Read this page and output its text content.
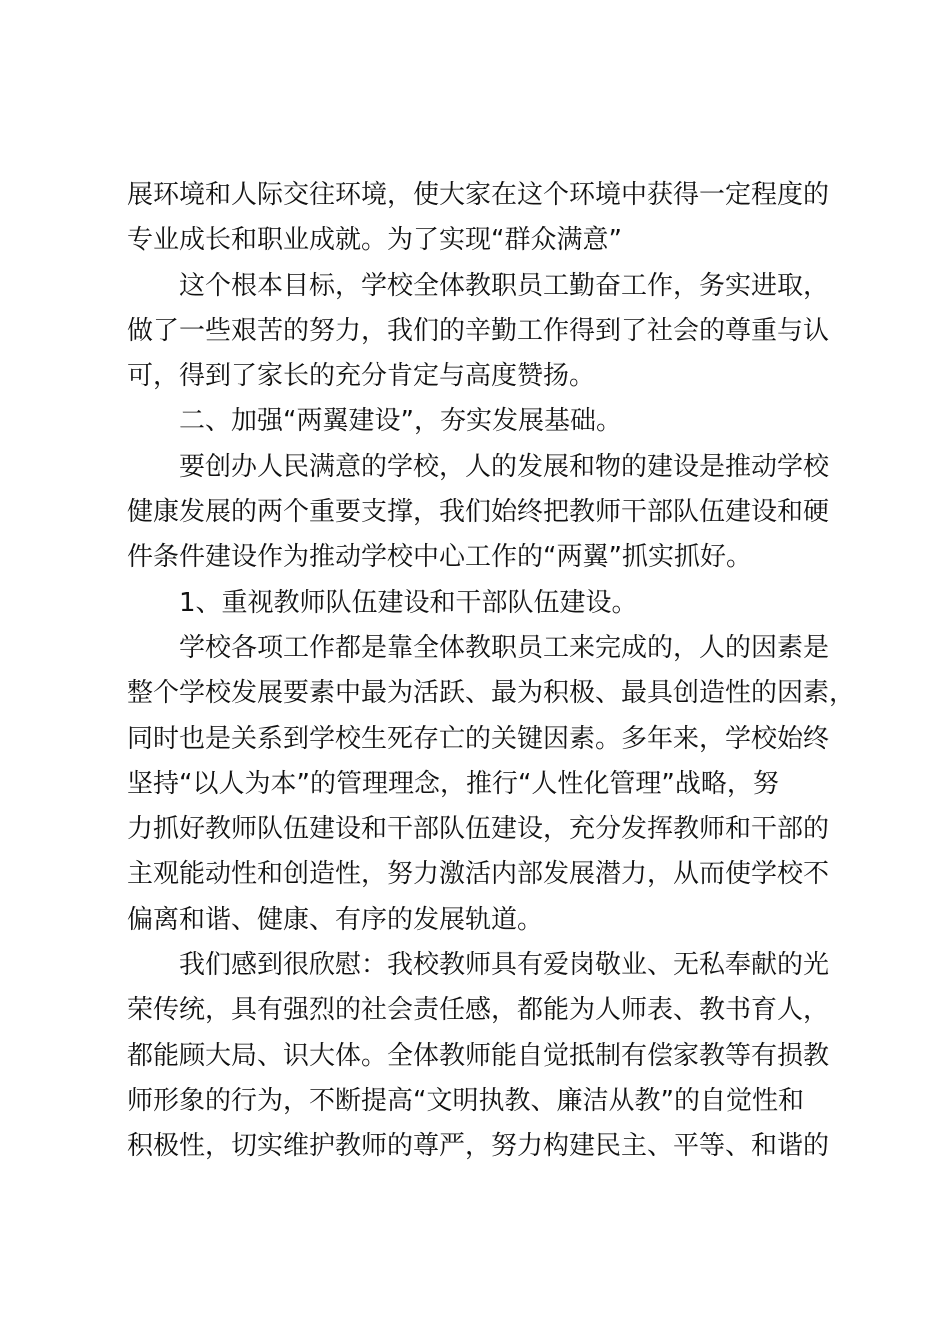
展环境和人际交往环境，使大家在这个环境中获得一定程度的
专业成长和职业成就。为了实现“群众满意”
这个根本目标，学校全体教职员工勤奋工作，务实进取，
做了一些艰苦的努力，我们的辛勤工作得到了社会的尊重与认
可，得到了家长的充分肯定与高度赞扬。
二、加强“两翼建设”，夯实发展基础。
要创办人民满意的学校，人的发展和物的建设是推动学校
健康发展的两个重要支撑，我们始终把教师干部队伍建设和硬
件条件建设作为推动学校中心工作的“两翼”抓实抓好。
1、重视教师队伍建设和干部队伍建设。
学校各项工作都是靠全体教职员工来完成的，人的因素是
整个学校发展要素中最为活跃、最为积极、最具创造性的因素，
同时也是关系到学校生死存亡的关键因素。多年来，学校始终
坚持“以人为本”的管理理念，推行“人性化管理”战略，努
力抓好教师队伍建设和干部队伍建设，充分发挥教师和干部的
主观能动性和创造性，努力激活内部发展潜力，从而使学校不
偏离和谐、健康、有序的发展轨道。
我们感到很欣慰：我校教师具有爱岗敬业、无私奉献的光
荣传统，具有强烈的社会责任感，都能为人师表、教书育人，
都能顾大局、识大体。全体教师能自觉抵制有偿家教等有损教
师形象的行为，不断提高“文明执教、廉洁从教”的自觉性和
积极性，切实维护教师的尊严，努力构建民主、平等、和谐的
